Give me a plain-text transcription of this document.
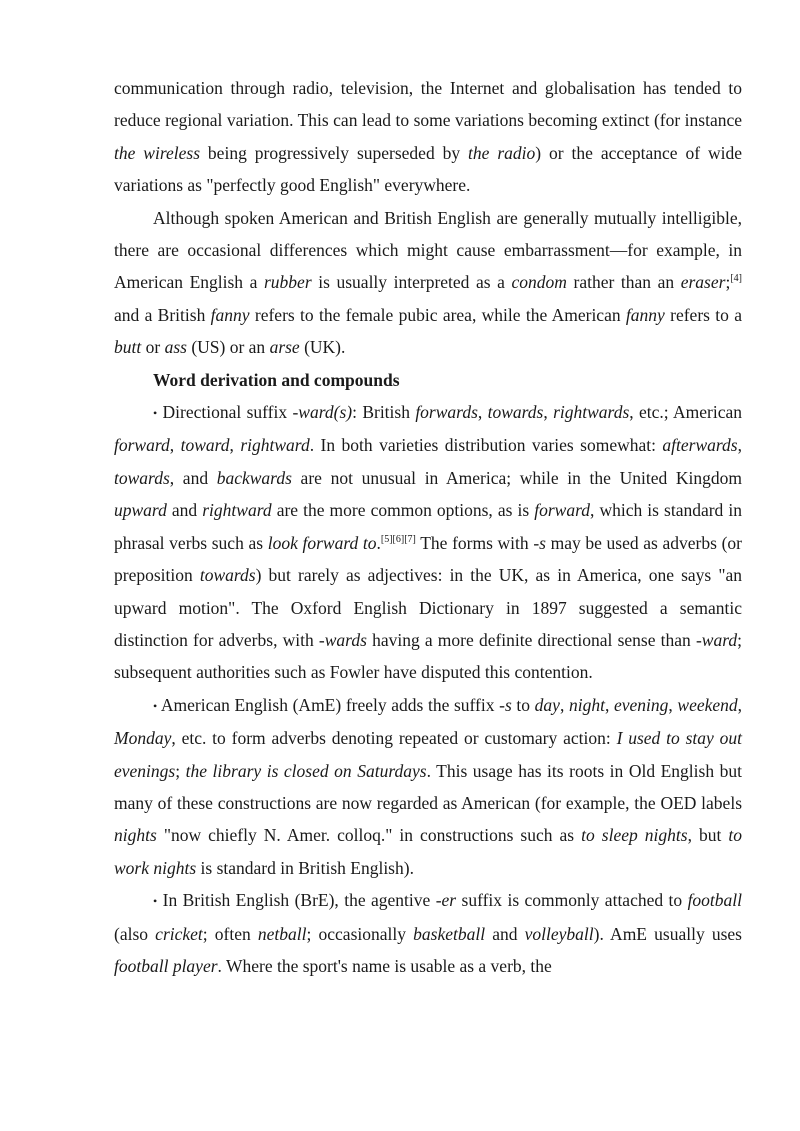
communication through radio, television, the Internet and globalisation has tended to reduce regional variation. This can lead to some variations becoming extinct (for instance the wireless being progressively superseded by the radio) or the acceptance of wide variations as "perfectly good English" everywhere.

Although spoken American and British English are generally mutually intelligible, there are occasional differences which might cause embarrassment—for example, in American English a rubber is usually interpreted as a condom rather than an eraser;[4] and a British fanny refers to the female pubic area, while the American fanny refers to a butt or ass (US) or an arse (UK).

Word derivation and compounds

• Directional suffix -ward(s): British forwards, towards, rightwards, etc.; American forward, toward, rightward. In both varieties distribution varies somewhat: afterwards, towards, and backwards are not unusual in America; while in the United Kingdom upward and rightward are the more common options, as is forward, which is standard in phrasal verbs such as look forward to.[5][6][7] The forms with -s may be used as adverbs (or preposition towards) but rarely as adjectives: in the UK, as in America, one says "an upward motion". The Oxford English Dictionary in 1897 suggested a semantic distinction for adverbs, with -wards having a more definite directional sense than -ward; subsequent authorities such as Fowler have disputed this contention.

• American English (AmE) freely adds the suffix -s to day, night, evening, weekend, Monday, etc. to form adverbs denoting repeated or customary action: I used to stay out evenings; the library is closed on Saturdays. This usage has its roots in Old English but many of these constructions are now regarded as American (for example, the OED labels nights "now chiefly N. Amer. colloq." in constructions such as to sleep nights, but to work nights is standard in British English).

• In British English (BrE), the agentive -er suffix is commonly attached to football (also cricket; often netball; occasionally basketball and volleyball). AmE usually uses football player. Where the sport's name is usable as a verb, the
